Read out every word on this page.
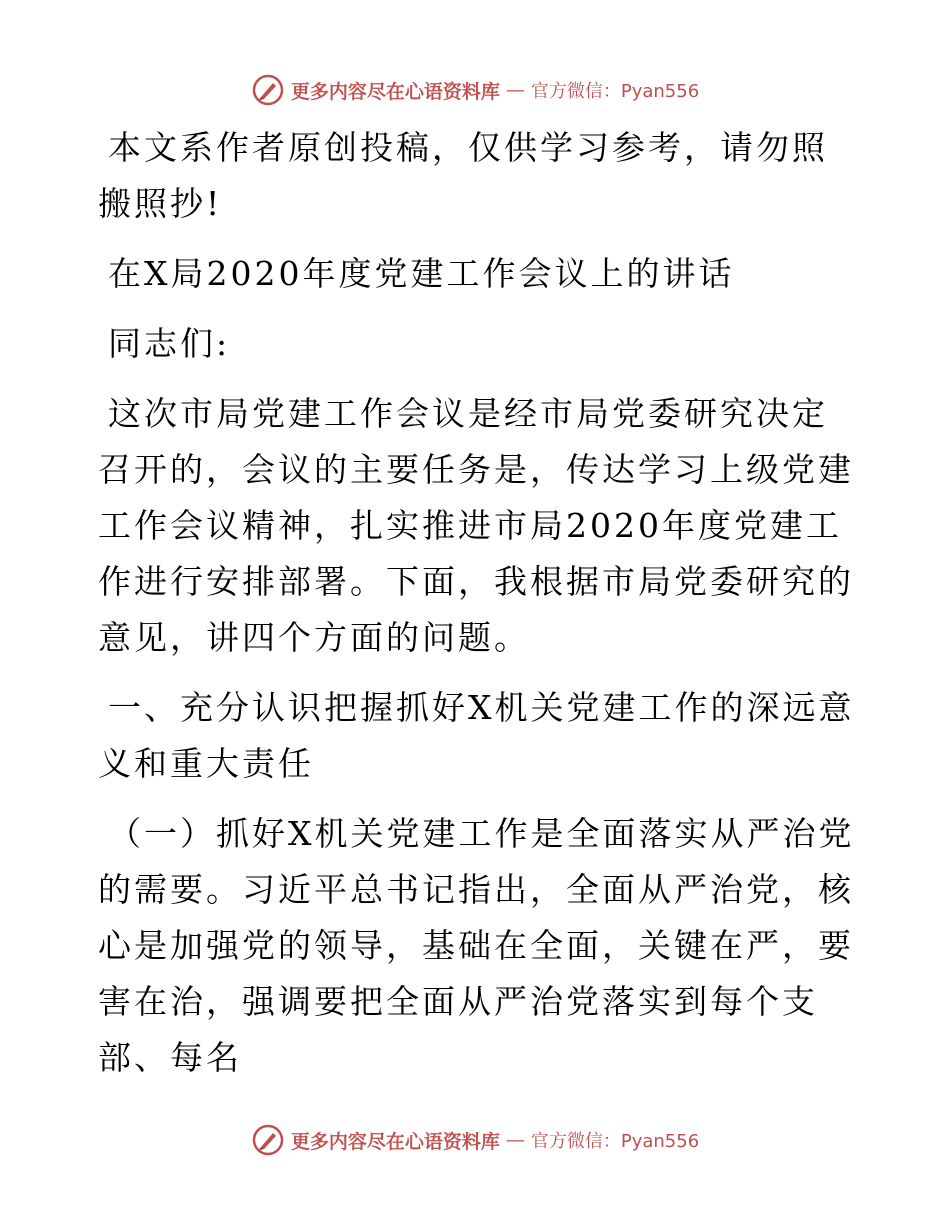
更多内容尽在心语资料库 — 官方微信：Pyan556

本文系作者原创投稿，仅供学习参考，请勿照搬照抄!

在X局2020年度党建工作会议上的讲话

同志们:

这次市局党建工作会议是经市局党委研究决定召开的，会议的主要任务是，传达学习上级党建工作会议精神，扎实推进市局2020年度党建工作进行安排部署。下面，我根据市局党委研究的意见，讲四个方面的问题。

一、充分认识把握抓好X机关党建工作的深远意义和重大责任

（一）抓好X机关党建工作是全面落实从严治党的需要。习近平总书记指出，全面从严治党，核心是加强党的领导，基础在全面，关键在严，要害在治，强调要把全面从严治党落实到每个支部、每名

更多内容尽在心语资料库 — 官方微信：Pyan556
